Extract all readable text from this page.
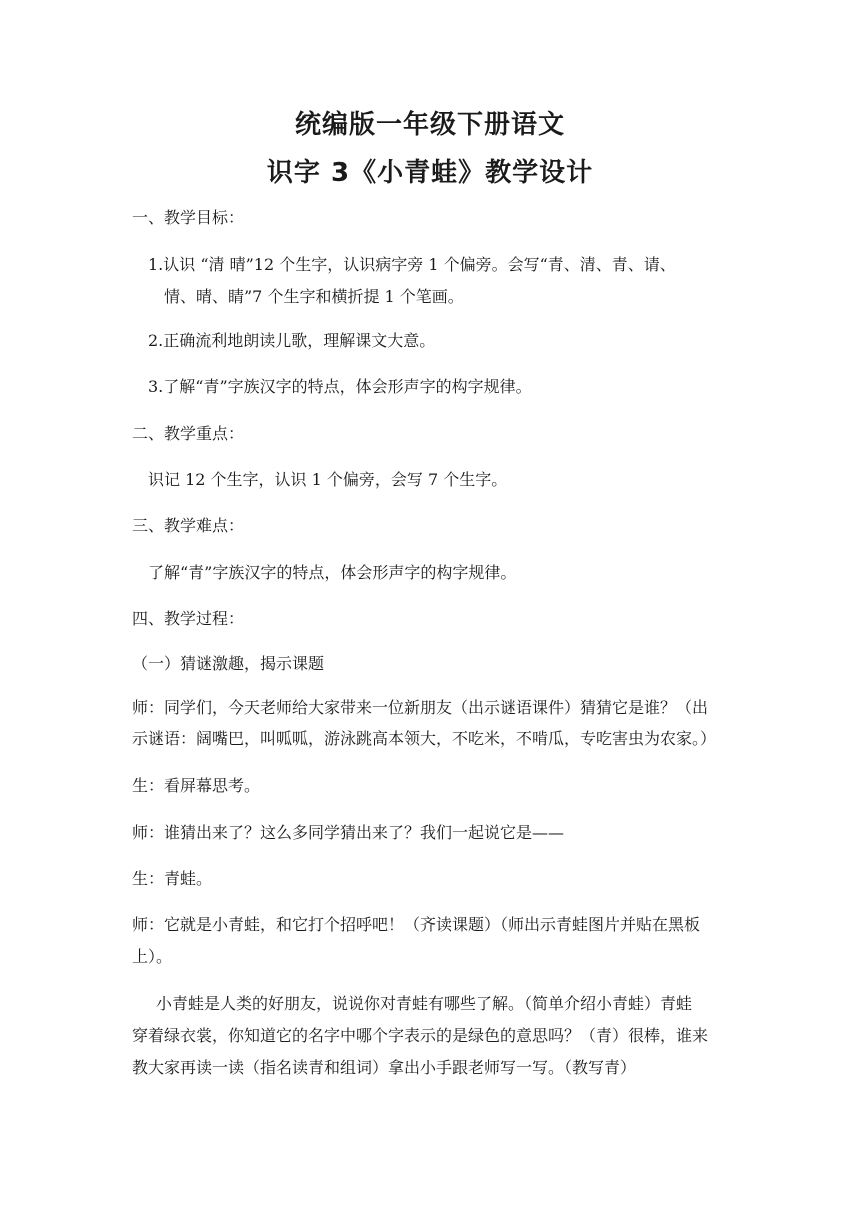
统编版一年级下册语文
识字 3《小青蛙》教学设计
一、教学目标：
1.认识 “清 晴”12 个生字，认识病字旁 1 个偏旁。会写“青、清、青、请、
情、晴、睛”7 个生字和横折提 1 个笔画。
2.正确流利地朗读儿歌，理解课文大意。
3.了解“青”字族汉字的特点，体会形声字的构字规律。
二、教学重点：
识记 12 个生字，认识 1 个偏旁，会写 7 个生字。
三、教学难点：
了解“青”字族汉字的特点，体会形声字的构字规律。
四、教学过程：
（一）猜谜激趣，揭示课题
师：同学们，今天老师给大家带来一位新朋友（出示谜语课件）猜猜它是谁？（出
示谜语：阔嘴巴，叫呱呱，游泳跳高本领大，不吃米，不啃瓜，专吃害虫为农家。）
生：看屏幕思考。
师：谁猜出来了？这么多同学猜出来了？我们一起说它是——
生：青蛙。
师：它就是小青蛙，和它打个招呼吧！（齐读课题）（师出示青蛙图片并贴在黑板
上）。
小青蛙是人类的好朋友，说说你对青蛙有哪些了解。（简单介绍小青蛙）青蛙
穿着绿衣裳，你知道它的名字中哪个字表示的是绿色的意思吗？（青）很棒，谁来
教大家再读一读（指名读青和组词）拿出小手跟老师写一写。（教写青）
